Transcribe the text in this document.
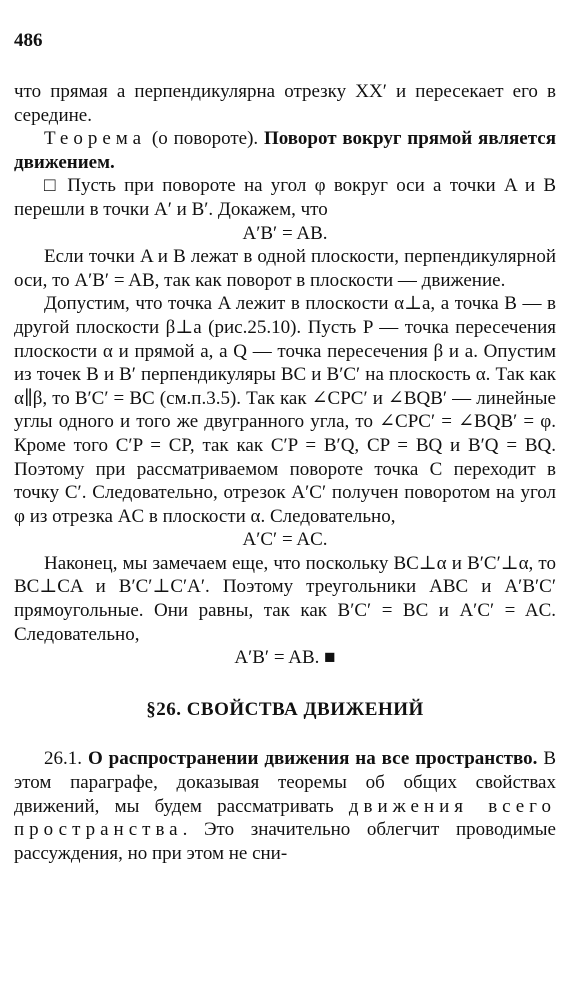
486

что прямая a перпендикулярна отрезку XX′ и пересекает его в середине.

Теорема (о повороте). Поворот вокруг прямой является движением.

□ Пусть при повороте на угол φ вокруг оси a точки A и B перешли в точки A′ и B′. Докажем, что

A′B′ = AB.

Если точки A и B лежат в одной плоскости, перпендикулярной оси, то A′B′ = AB, так как поворот в плоскости — движение.

Допустим, что точка A лежит в плоскости α⊥a, а точка B — в другой плоскости β⊥a (рис.25.10). Пусть P — точка пересечения плоскости α и прямой a, а Q — точка пересечения β и a. Опустим из точек B и B′ перпендикуляры BC и B′C′ на плоскость α. Так как α∥β, то B′C′ = BC (см.п.3.5). Так как ∠CPC′ и ∠BQB′ — линейные углы одного и того же двугранного угла, то ∠CPC′ = ∠BQB′ = φ. Кроме того C′P = CP, так как C′P = B′Q, CP = BQ и B′Q = BQ. Поэтому при рассматриваемом повороте точка C переходит в точку C′. Следовательно, отрезок A′C′ получен поворотом на угол φ из отрезка AC в плоскости α. Следовательно,

A′C′ = AC.

Наконец, мы замечаем еще, что поскольку BC⊥α и B′C′⊥α, то BC⊥CA и B′C′⊥C′A′. Поэтому треугольники ABC и A′B′C′ прямоугольные. Они равны, так как B′C′ = BC и A′C′ = AC. Следовательно,

A′B′ = AB. ■

§26. СВОЙСТВА ДВИЖЕНИЙ

26.1. О распространении движения на все пространство. В этом параграфе, доказывая теоремы об общих свойствах движений, мы будем рассматривать движения всего пространства. Это значительно облегчит проводимые рассуждения, но при этом не сни-
